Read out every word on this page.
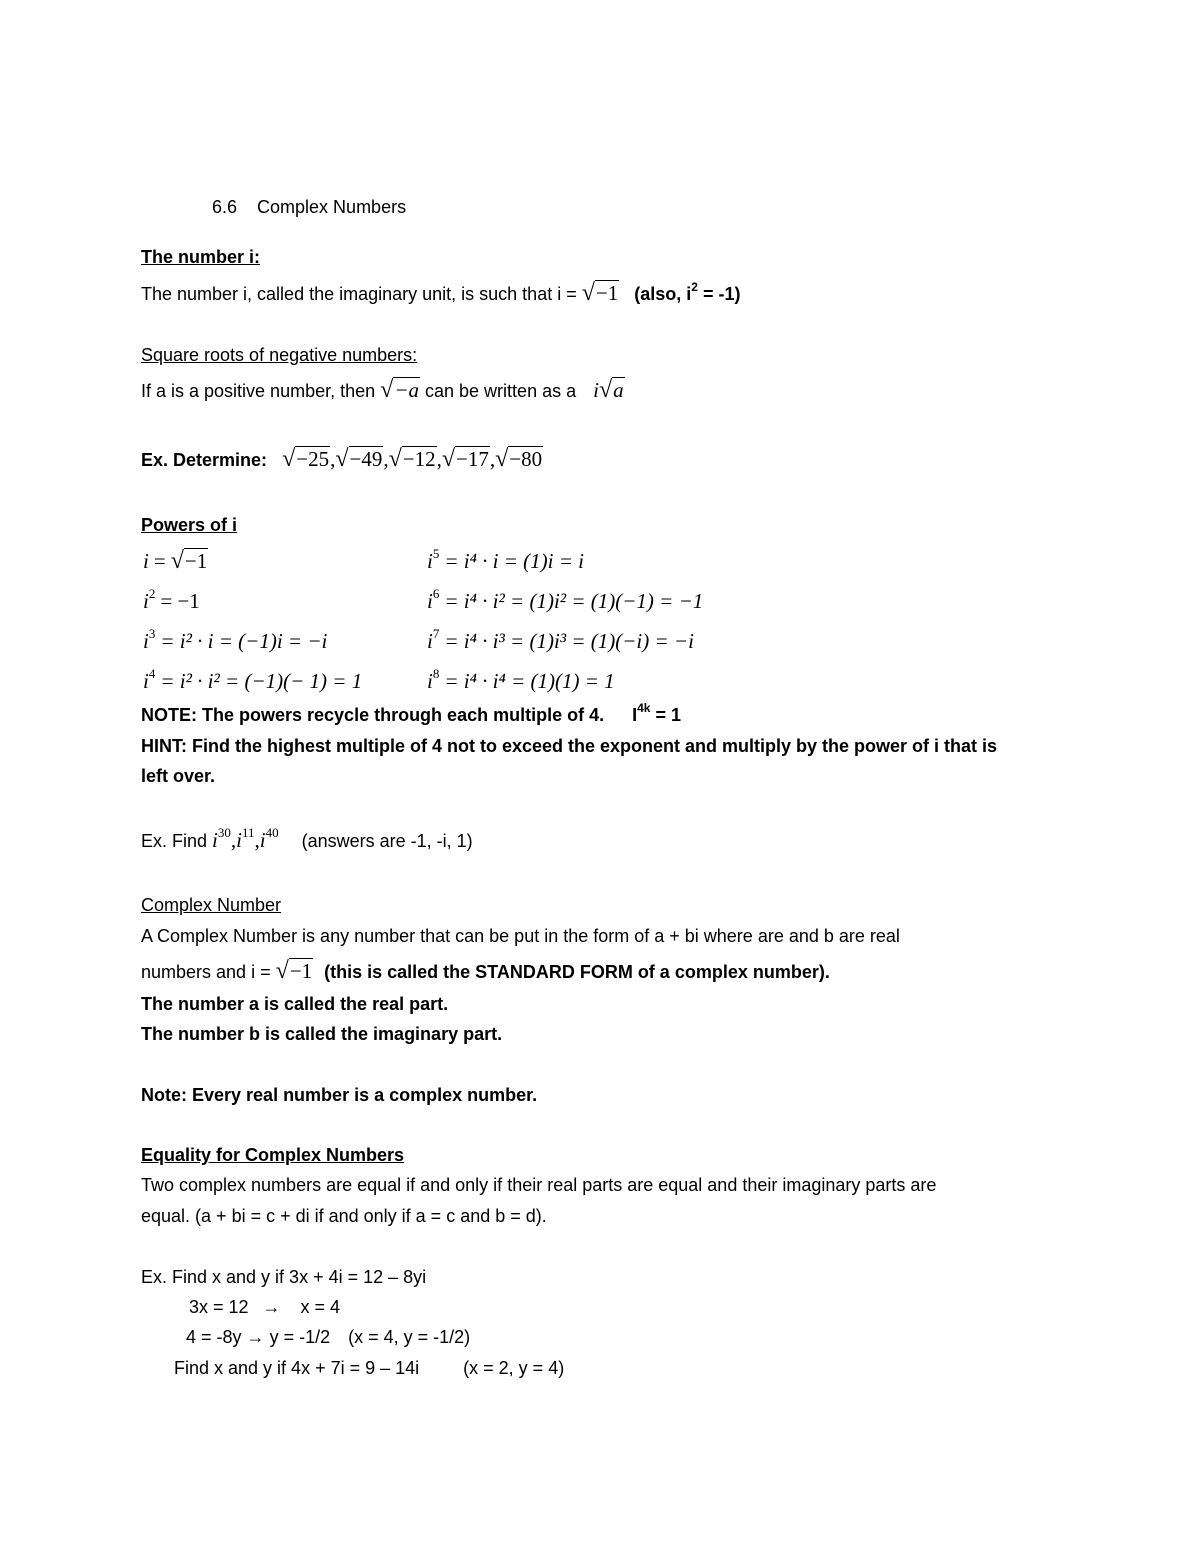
6.6 Complex Numbers
The number i:
The number i, called the imaginary unit, is such that i = √−1 (also, $i^2 = -1$)
Square roots of negative numbers:
If a is a positive number, then √−a can be written as a i√a
Ex. Determine: √−25,√−49,√−12,√−17,√−80
Powers of i
i = √−1
$i^2 = -1$
$i^3 = i^2 \cdot i = (-1)i = -i$
$i^4 = i^2 \cdot i^2 = (-1)(- 1) = 1$
$i^5 = i^4 \cdot i = (1)i = i$
$i^6 = i^4 \cdot i^2 = (1)i^2 = (1)(-1) = -1$
$i^7 = i^4 \cdot i^3 = (1)i^3 = (1)(-i) = -i$
$i^8 = i^4 \cdot i^4 = (1)(1) = 1$
NOTE: The powers recycle through each multiple of 4. $I^{4k} = 1$
HINT: Find the highest multiple of 4 not to exceed the exponent and multiply by the power of i that is
left over.
Ex. Find $i^{30},i^{11},i^{40}$ (answers are -1, -i, 1)
Complex Number
A Complex Number is any number that can be put in the form of a + bi where are and b are real
numbers and i = √−1 (this is called the STANDARD FORM of a complex number).
The number a is called the real part.
The number b is called the imaginary part.
Note: Every real number is a complex number.
Equality for Complex Numbers
Two complex numbers are equal if and only if their real parts are equal and their imaginary parts are
equal. (a + bi = c + di if and only if a = c and b = d).
Ex. Find x and y if 3x + 4i = 12 – 8yi
3x = 12 → x = 4
4 = -8y → y = -1/2 (x = 4, y = -1/2)
Find x and y if 4x + 7i = 9 – 14i (x = 2, y = 4)
